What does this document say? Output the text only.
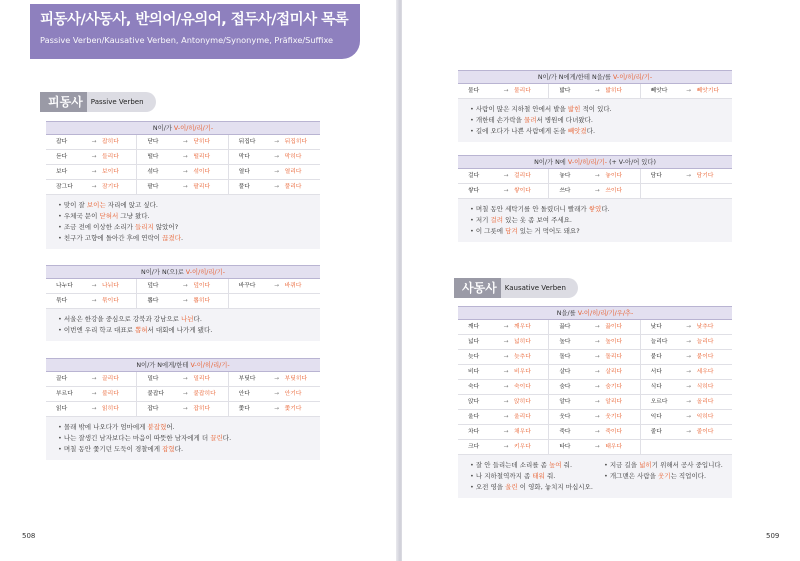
피동사/사동사, 반의어/유의어, 접두사/접미사 목록
Passive Verben/Kausative Verben, Antonyme/Synonyme, Präfixe/Suffixe
피동사	Passive Verben
N이/가 V-이/히/리/기-
잡다	→ 잡히다	닫다	→ 닫히다	뒤집다	→ 뒤집히다
듣다	→ 들리다	떨다	→ 떨리다	막다	→ 막히다
보다	→ 보이다	섞다	→ 섞이다	열다	→ 열리다
잠그다	→ 잠기다	팔다	→ 팔리다	풀다	→ 풀리다
• 맞이 잘 보이는 자리에 앉고 싶다.
• 우체국 문이 닫혀서 그냥 왔다.
• 조금 전에 이상한 소리가 들리지 않았어?
• 친구가 고향에 돌아간 후에 연락이 끊겼다.
N이/가 N(으)로 V-이/히/리/기-
나누다	→ 나뉘다	덮다	→ 덮이다	바꾸다	→ 바뀌다
묶다	→ 묶이다	뽑다	→ 뽑히다
• 서울은 한강을 중심으로 강북과 강남으로 나뉜다.
• 이번엔 우리 학교 대표로 뽑혀서 대회에 나가게 됐다.
N이/가 N에게/한테 V-이/히/리/기-
끌다	→ 끌리다	밀다	→ 밀리다	부딪다	→ 부딪히다
부르다	→ 불리다	붙잡다	→ 붙잡히다	안다	→ 안기다
읽다	→ 읽히다	잡다	→ 잡히다	쫓다	→ 쫓기다
• 몰래 밖에 나오다가 엄마에게 붙잡혔어.
• 나는 잘생긴 남자보다는 마음이 따뜻한 남자에게 더 끌린다.
• 며칠 동안 쫓기던 도둑이 경찰에게 잡혔다.
508
N이/가 N에게/한테 N을/를 V-이/히/리/기-
물다	→ 물리다	밟다	→ 밟히다	빼앗다	→ 빼앗기다
• 사람이 많은 지하철 안에서 발을 밟힌 적이 있다.
• 개한테 손가락을 물려서 병원에 다녀왔다.
• 길에 오다가 나쁜 사람에게 돈을 빼앗겼다.
N이/가 N에 V-이/히/리/기- (+ V-아/어 있다)
걸다	→ 걸리다	놓다	→ 놓이다	담다	→ 담기다
쌓다	→ 쌓이다	쓰다	→ 쓰이다
• 며칠 동안 세탁기를 안 돌렸더니 빨래가 쌓였다.
• 저기 걸려 있는 옷 좀 보여 주세요.
• 이 그릇에 담겨 있는 거 먹어도 돼요?
사동사	Kausative Verben
N을/를 V-이/히/리/기/우/추-
깨다	→ 깨우다	끓다	→ 끓이다	낮다	→ 낮추다
넓다	→ 넓히다	높다	→ 높이다	늘리다	→ 늘리다
늦다	→ 늦추다	돌다	→ 돌리다	붙다	→ 붙이다
비다	→ 비우다	살다	→ 살리다	서다	→ 세우다
숙다	→ 숙이다	숨다	→ 숨기다	식다	→ 식히다
앉다	→ 앉히다	알다	→ 알리다	오르다	→ 올리다
울다	→ 울리다	웃다	→ 웃기다	익다	→ 익히다
차다	→ 채우다	죽다	→ 죽이다	줄다	→ 줄이다
크다	→ 키우다	타다	→ 태우다
• 잘 안 들리는데 소리를 좀 높여 줘.	• 지금 길을 넓히기 위해서 공사 중입니다.
• 나 지하철역까지 좀 태워 줘.	• 개그맨은 사람을 웃기는 직업이다.
• 오전 영을 울린 이 영화, 놓치지 마십시오.
509
